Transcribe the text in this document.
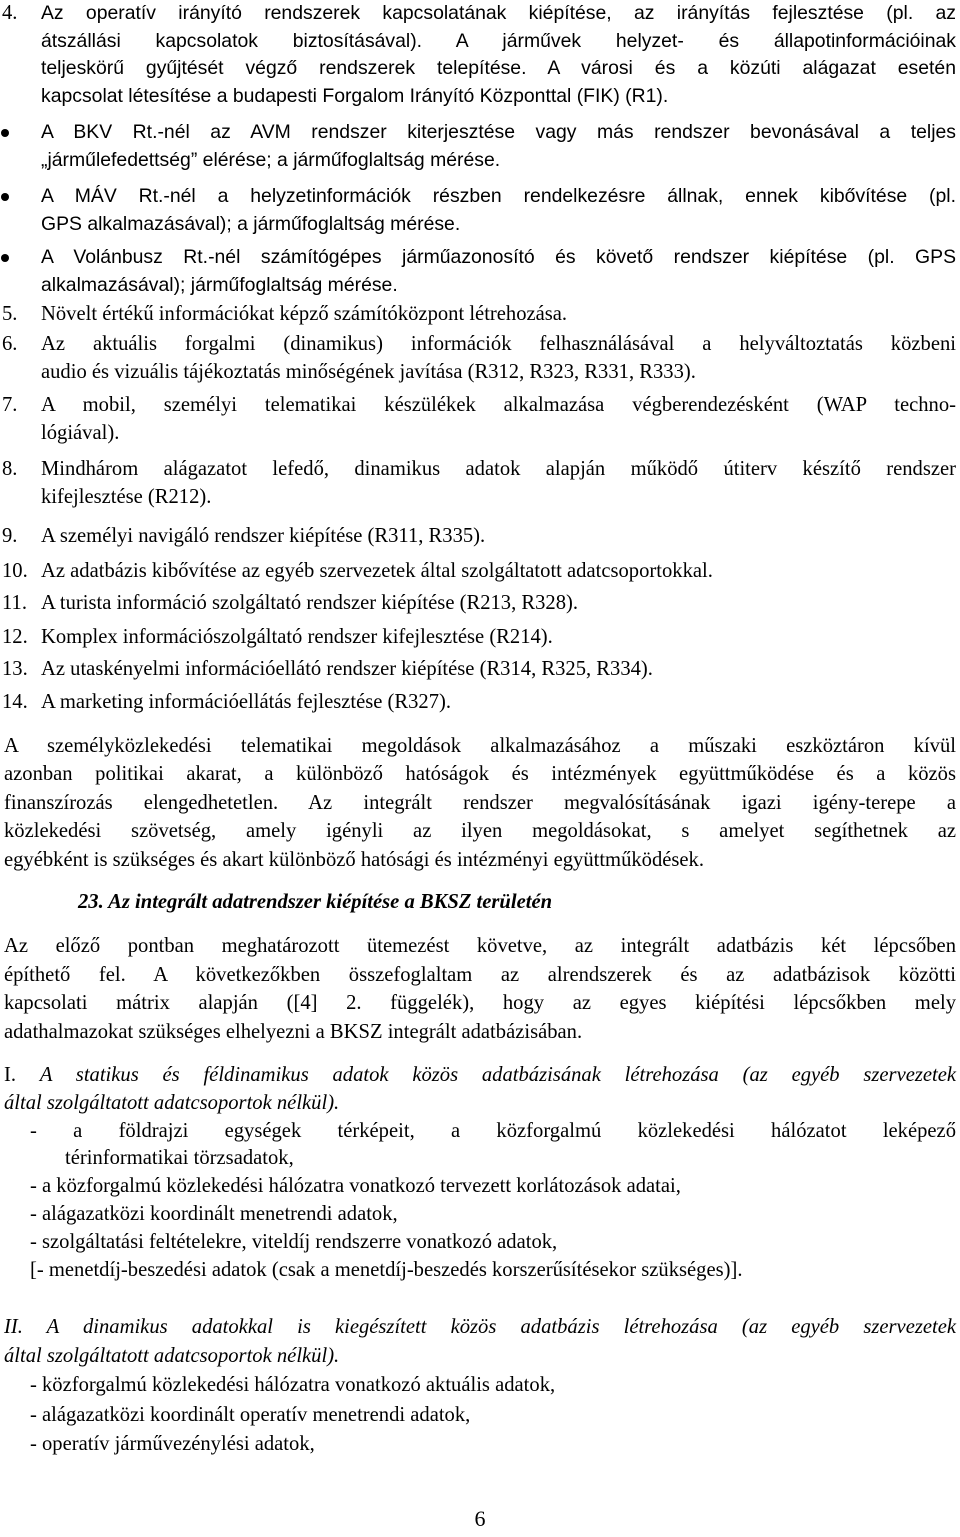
4. Az operatív irányító rendszerek kapcsolatának kiépítése, az irányítás fejlesztése (pl. az
átszállási kapcsolatok biztosításával). A járművek helyzet- és állapotinformációinak
teljeskörű gyűjtését végző rendszerek telepítése. A városi és a közúti alágazat esetén
kapcsolat létesítése a budapesti Forgalom Irányító Központtal (FIK) (R1).
A BKV Rt.-nél az AVM rendszer kiterjesztése vagy más rendszer bevonásával a teljes
„járműlefedettség” elérése; a járműfoglaltság mérése.
A MÁV Rt.-nél a helyzetinformációk részben rendelkezésre állnak, ennek kibővítése (pl.
GPS alkalmazásával); a járműfoglaltság mérése.
A Volánbusz Rt.-nél számítógépes járműazonosító és követő rendszer kiépítése (pl. GPS
alkalmazásával); járműfoglaltság mérése.
5. Növelt értékű információkat képző számítóközpont létrehozása.
6. Az aktuális forgalmi (dinamikus) információk felhasználásával a helyváltoztatás közbeni
audio és vizuális tájékoztatás minőségének javítása (R312, R323, R331, R333).
7. A mobil, személyi telematikai készülékek alkalmazása végberendezésként (WAP techno-
lógiával).
8. Mindhárom alágazatot lefedő, dinamikus adatok alapján működő útiterv készítő rendszer
kifejlesztése (R212).
9. A személyi navigáló rendszer kiépítése (R311, R335).
10. Az adatbázis kibővítése az egyéb szervezetek által szolgáltatott adatcsoportokkal.
11. A turista információ szolgáltató rendszer kiépítése (R213, R328).
12. Komplex információszolgáltató rendszer kifejlesztése (R214).
13. Az utaskényelmi információellátó rendszer kiépítése (R314, R325, R334).
14. A marketing információellátás fejlesztése (R327).
A személyközlekedési telematikai megoldások alkalmazásához a műszaki eszköztáron kívül
azonban politikai akarat, a különböző hatóságok és intézmények együttműködése és a közös
finanszírozás elengedhetetlen. Az integrált rendszer megvalósításának igazi igény-terepe a
közlekedési szövetség, amely igényli az ilyen megoldásokat, s amelyet segíthetnek az
egyébként is szükséges és akart különböző hatósági és intézményi együttműködések.
23. Az integrált adatrendszer kiépítése a BKSZ területén
Az előző pontban meghatározott ütemezést követve, az integrált adatbázis két lépcsőben
építhető fel. A következőkben összefoglaltam az alrendszerek és az adatbázisok közötti
kapcsolati mátrix alapján ([4] 2. függelék), hogy az egyes kiépítési lépcsőkben mely
adathalmazokat szükséges elhelyezni a BKSZ integrált adatbázisában.
I. A statikus és féldinamikus adatok közös adatbázisának létrehozása (az egyéb szervezetek
által szolgáltatott adatcsoportok nélkül).
- a földrajzi egységek térképeit, a közforgalmú közlekedési hálózatot leképező
térinformatikai törzsadatok,
- a közforgalmú közlekedési hálózatra vonatkozó tervezett korlátozások adatai,
- alágazatközi koordinált menetrendi adatok,
- szolgáltatási feltételekre, viteldíj rendszerre vonatkozó adatok,
[- menetdíj-beszedési adatok (csak a menetdíj-beszedés korszerűsítésekor szükséges)].
II. A dinamikus adatokkal is kiegészített közös adatbázis létrehozása (az egyéb szervezetek
által szolgáltatott adatcsoportok nélkül).
- közforgalmú közlekedési hálózatra vonatkozó aktuális adatok,
- alágazatközi koordinált operatív menetrendi adatok,
- operatív járművezénylési adatok,
6
